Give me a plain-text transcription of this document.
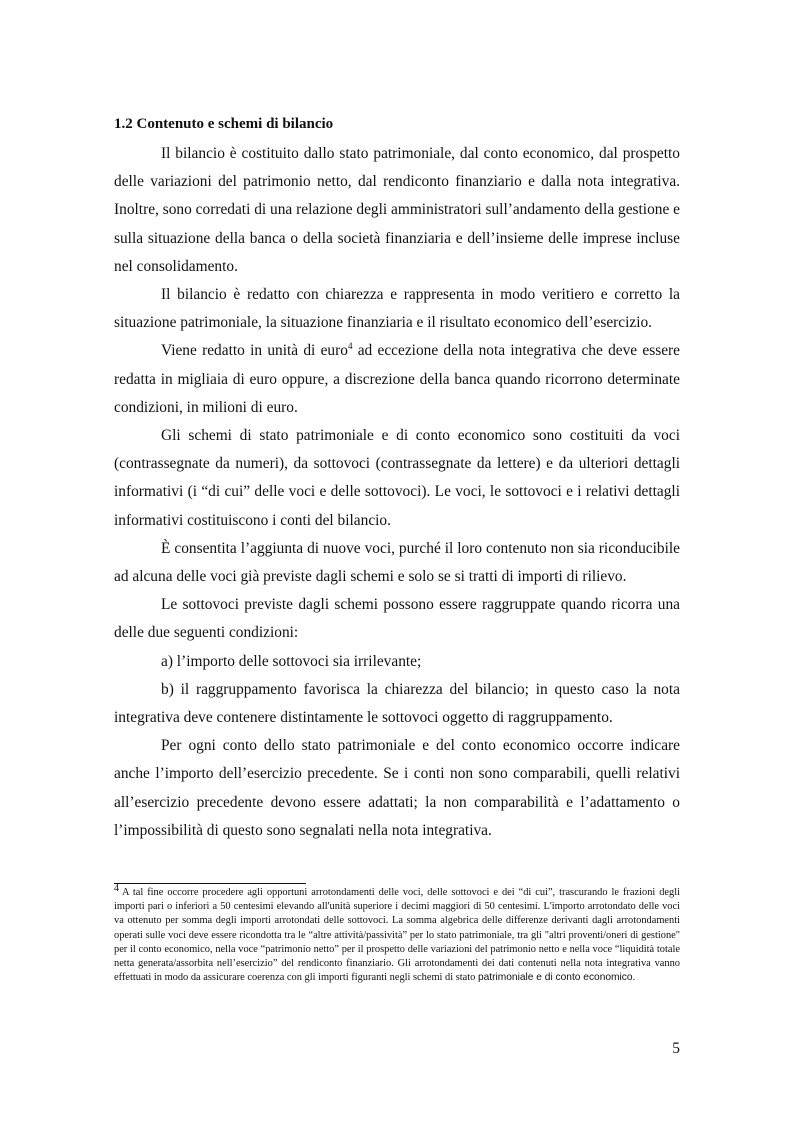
1.2 Contenuto e schemi di bilancio

Il bilancio è costituito dallo stato patrimoniale, dal conto economico, dal prospetto delle variazioni del patrimonio netto, dal rendiconto finanziario e dalla nota integrativa. Inoltre, sono corredati di una relazione degli amministratori sull’andamento della gestione e sulla situazione della banca o della società finanziaria e dell’insieme delle imprese incluse nel consolidamento.

Il bilancio è redatto con chiarezza e rappresenta in modo veritiero e corretto la situazione patrimoniale, la situazione finanziaria e il risultato economico dell’esercizio.

Viene redatto in unità di euro$^4$ ad eccezione della nota integrativa che deve essere redatta in migliaia di euro oppure, a discrezione della banca quando ricorrono determinate condizioni, in milioni di euro.

Gli schemi di stato patrimoniale e di conto economico sono costituiti da voci (contrassegnate da numeri), da sottovoci (contrassegnate da lettere) e da ulteriori dettagli informativi (i “di cui” delle voci e delle sottovoci). Le voci, le sottovoci e i relativi dettagli informativi costituiscono i conti del bilancio.

È consentita l’aggiunta di nuove voci, purché il loro contenuto non sia riconducibile ad alcuna delle voci già previste dagli schemi e solo se si tratti di importi di rilievo.

Le sottovoci previste dagli schemi possono essere raggruppate quando ricorra una delle due seguenti condizioni:

a) l’importo delle sottovoci sia irrilevante;

b) il raggruppamento favorisca la chiarezza del bilancio; in questo caso la nota integrativa deve contenere distintamente le sottovoci oggetto di raggruppamento.

Per ogni conto dello stato patrimoniale e del conto economico occorre indicare anche l’importo dell’esercizio precedente. Se i conti non sono comparabili, quelli relativi all’esercizio precedente devono essere adattati; la non comparabilità e l’adattamento o l’impossibilità di questo sono segnalati nella nota integrativa.

$^4$ A tal fine occorre procedere agli opportuni arrotondamenti delle voci, delle sottovoci e dei “di cui”, trascurando le frazioni degli importi pari o inferiori a 50 centesimi elevando all'unità superiore i decimi maggiori di 50 centesimi. L'importo arrotondato delle voci va ottenuto per somma degli importi arrotondati delle sottovoci. La somma algebrica delle differenze derivanti dagli arrotondamenti operati sulle voci deve essere ricondotta tra le “altre attività/passività” per lo stato patrimoniale, tra gli "altri proventi/oneri di gestione" per il conto economico, nella voce “patrimonio netto” per il prospetto delle variazioni del patrimonio netto e nella voce “liquidità totale netta generata/assorbita nell’esercizio” del rendiconto finanziario. Gli arrotondamenti dei dati contenuti nella nota integrativa vanno effettuati in modo da assicurare coerenza con gli importi figuranti negli schemi di stato patrimoniale e di conto economico.

5
